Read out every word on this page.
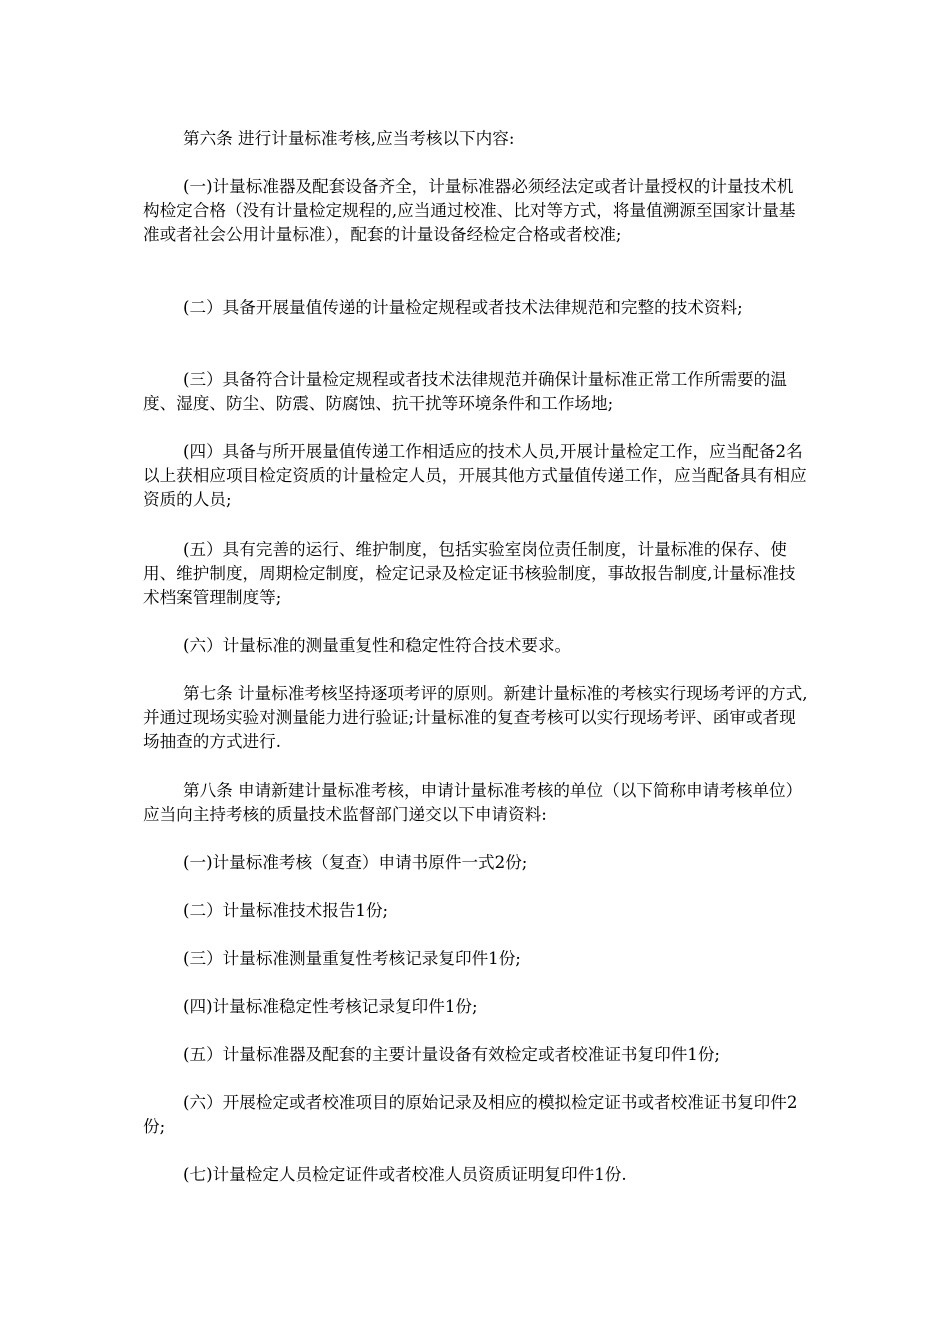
第六条 进行计量标准考核,应当考核以下内容:

(一)计量标准器及配套设备齐全，计量标准器必须经法定或者计量授权的计量技术机构检定合格（没有计量检定规程的,应当通过校准、比对等方式，将量值溯源至国家计量基准或者社会公用计量标准），配套的计量设备经检定合格或者校准;

(二）具备开展量值传递的计量检定规程或者技术法律规范和完整的技术资料;

(三）具备符合计量检定规程或者技术法律规范并确保计量标准正常工作所需要的温度、湿度、防尘、防震、防腐蚀、抗干扰等环境条件和工作场地;

(四）具备与所开展量值传递工作相适应的技术人员,开展计量检定工作，应当配备2名以上获相应项目检定资质的计量检定人员，开展其他方式量值传递工作，应当配备具有相应资质的人员;

(五）具有完善的运行、维护制度，包括实验室岗位责任制度，计量标准的保存、使用、维护制度，周期检定制度，检定记录及检定证书核验制度，事故报告制度,计量标准技术档案管理制度等;

(六）计量标准的测量重复性和稳定性符合技术要求。

第七条 计量标准考核坚持逐项考评的原则。新建计量标准的考核实行现场考评的方式,并通过现场实验对测量能力进行验证;计量标准的复查考核可以实行现场考评、函审或者现场抽查的方式进行.

第八条 申请新建计量标准考核，申请计量标准考核的单位（以下简称申请考核单位）应当向主持考核的质量技术监督部门递交以下申请资料:

(一)计量标准考核（复查）申请书原件一式2份;

(二）计量标准技术报告1份;

(三）计量标准测量重复性考核记录复印件1份;

(四)计量标准稳定性考核记录复印件1份;

(五）计量标准器及配套的主要计量设备有效检定或者校准证书复印件1份;

(六）开展检定或者校准项目的原始记录及相应的模拟检定证书或者校准证书复印件2份;

(七)计量检定人员检定证件或者校准人员资质证明复印件1份.
